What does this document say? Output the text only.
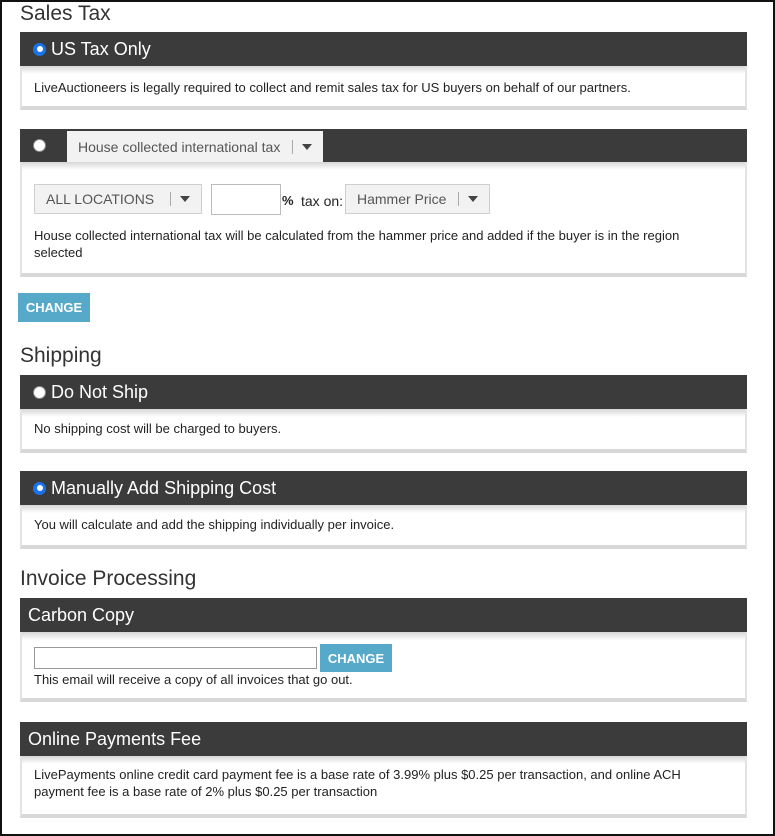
Sales Tax
US Tax Only
LiveAuctioneers is legally required to collect and remit sales tax for US buyers on behalf of our partners.
House collected international tax
ALL LOCATIONS	% tax on: Hammer Price
House collected international tax will be calculated from the hammer price and added if the buyer is in the region
selected
CHANGE
Shipping
Do Not Ship
No shipping cost will be charged to buyers.
Manually Add Shipping Cost
You will calculate and add the shipping individually per invoice.
Invoice Processing
Carbon Copy
CHANGE
This email will receive a copy of all invoices that go out.
Online Payments Fee
LivePayments online credit card payment fee is a base rate of 3.99% plus $0.25 per transaction, and online ACH
payment fee is a base rate of 2% plus $0.25 per transaction
